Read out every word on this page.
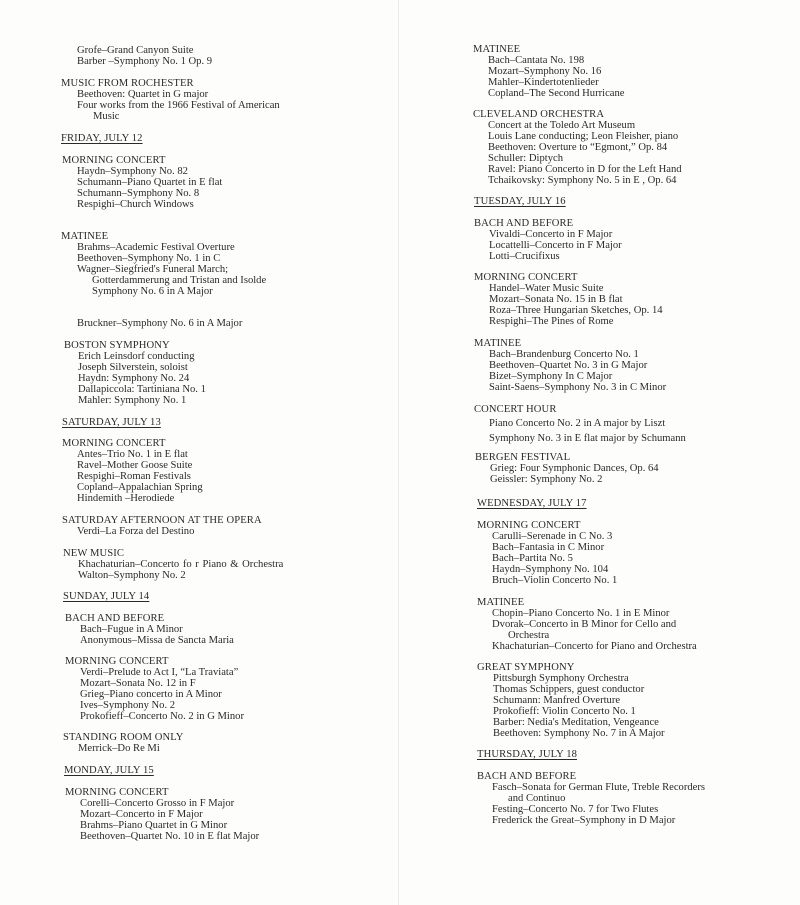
Grofe–Grand Canyon Suite
Barber –Symphony No. 1 Op. 9
MUSIC FROM ROCHESTER
Beethoven: Quartet in G major
Four works from the 1966 Festival of American
Music
FRIDAY, JULY 12
MORNING CONCERT
Haydn–Symphony No. 82
Schumann–Piano Quartet in E flat
Schumann–Symphony No. 8
Respighi–Church Windows
MATINEE
Brahms–Academic Festival Overture
Beethoven–Symphony No. 1 in C
Wagner–Siegfried's Funeral March;
Gotterdammerung and Tristan and Isolde
Symphony No. 6 in A Major
Bruckner–Symphony No. 6 in A Major
BOSTON SYMPHONY
Erich Leinsdorf conducting
Joseph Silverstein, soloist
Haydn: Symphony No. 24
Dallapiccola: Tartiniana No. 1
Mahler: Symphony No. 1
SATURDAY, JULY 13
MORNING CONCERT
Antes–Trio No. 1 in E flat
Ravel–Mother Goose Suite
Respighi–Roman Festivals
Copland–Appalachian Spring
Hindemith –Herodiede
SATURDAY AFTERNOON AT THE OPERA
Verdi–La Forza del Destino
NEW MUSIC
Khachaturian–Concerto fo r Piano & Orchestra
Walton–Symphony No. 2
SUNDAY, JULY 14
BACH AND BEFORE
Bach–Fugue in A Minor
Anonymous–Missa de Sancta Maria
MORNING CONCERT
Verdi–Prelude to Act I, “La Traviata”
Mozart–Sonata No. 12 in F
Grieg–Piano concerto in A Minor
Ives–Symphony No. 2
Prokofieff–Concerto No. 2 in G Minor
STANDING ROOM ONLY
Merrick–Do Re Mi
MONDAY, JULY 15
MORNING CONCERT
Corelli–Concerto Grosso in F Major
Mozart–Concerto in F Major
Brahms–Piano Quartet in G Minor
Beethoven–Quartet No. 10 in E flat Major
MATINEE
Bach–Cantata No. 198
Mozart–Symphony No. 16
Mahler–Kindertotenlieder
Copland–The Second Hurricane
CLEVELAND ORCHESTRA
Concert at the Toledo Art Museum
Louis Lane conducting; Leon Fleisher, piano
Beethoven: Overture to “Egmont,” Op. 84
Schuller: Diptych
Ravel: Piano Concerto in D for the Left Hand
Tchaikovsky: Symphony No. 5 in E , Op. 64
TUESDAY, JULY 16
BACH AND BEFORE
Vivaldi–Concerto in F Major
Locattelli–Concerto in F Major
Lotti–Crucifixus
MORNING CONCERT
Handel–Water Music Suite
Mozart–Sonata No. 15 in B flat
Roza–Three Hungarian Sketches, Op. 14
Respighi–The Pines of Rome
MATINEE
Bach–Brandenburg Concerto No. 1
Beethoven–Quartet No. 3 in G Major
Bizet–Symphony In C Major
Saint-Saens–Symphony No. 3 in C Minor
CONCERT HOUR
Piano Concerto No. 2 in A major by Liszt
Symphony No. 3 in E flat major by Schumann
BERGEN FESTIVAL
Grieg: Four Symphonic Dances, Op. 64
Geissler: Symphony No. 2
WEDNESDAY, JULY 17
MORNING CONCERT
Carulli–Serenade in C No. 3
Bach–Fantasia in C Minor
Bach–Partita No. 5
Haydn–Symphony No. 104
Bruch–Violin Concerto No. 1
MATINEE
Chopin–Piano Concerto No. 1 in E Minor
Dvorak–Concerto in B Minor for Cello and
Orchestra
Khachaturian–Concerto for Piano and Orchestra
GREAT SYMPHONY
Pittsburgh Symphony Orchestra
Thomas Schippers, guest conductor
Schumann: Manfred Overture
Prokofieff: Violin Concerto No. 1
Barber: Nedia's Meditation, Vengeance
Beethoven: Symphony No. 7 in A Major
THURSDAY, JULY 18
BACH AND BEFORE
Fasch–Sonata for German Flute, Treble Recorders
and Continuo
Festing–Concerto No. 7 for Two Flutes
Frederick the Great–Symphony in D Major
